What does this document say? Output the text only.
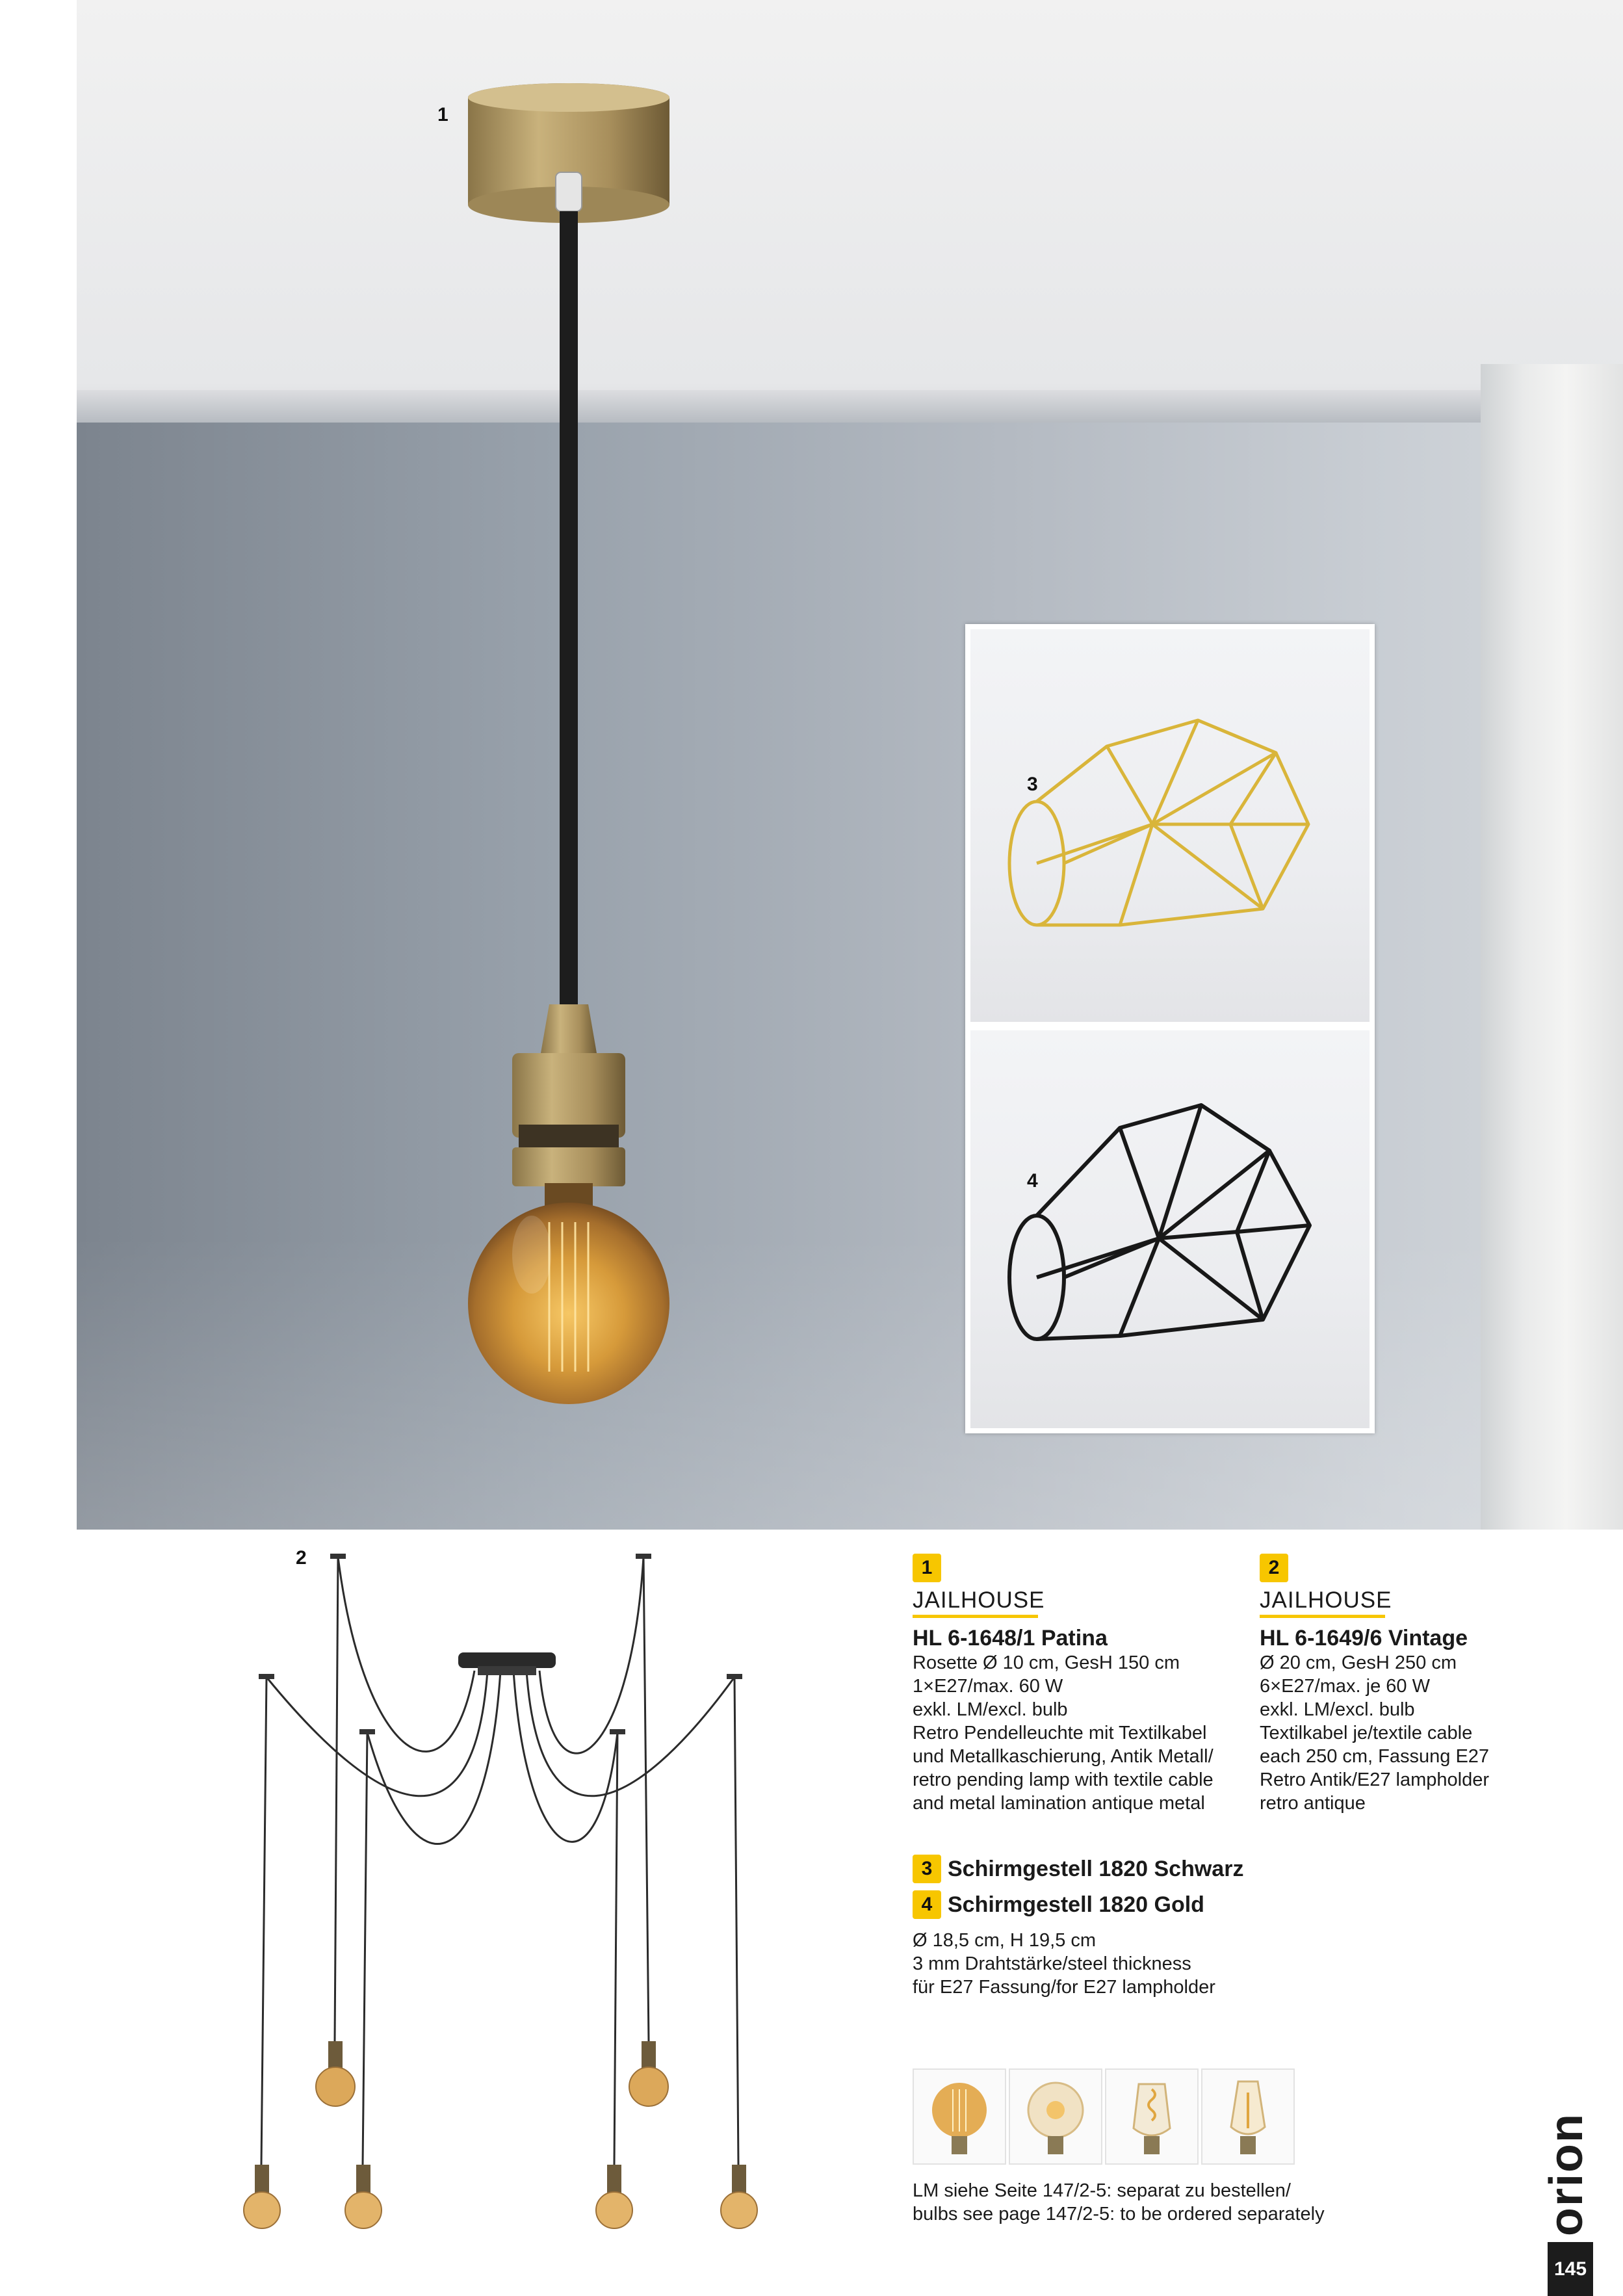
1
3
4
2	1
JAILHOUSE
HL 6-1648/1 Patina
Rosette Ø 10 cm, GesH 150 cm
1×E27/max. 60 W
exkl. LM/excl. bulb
Retro Pendelleuchte mit Textilkabel
und Metallkaschierung, Antik Metall/
retro pending lamp with textile cable
and metal lamination antique metal
2
JAILHOUSE
HL 6-1649/6 Vintage
Ø 20 cm, GesH 250 cm
6×E27/max. je 60 W
exkl. LM/excl. bulb
Textilkabel je/textile cable
each 250 cm, Fassung E27
Retro Antik/E27 lampholder
retro antique
3 Schirmgestell 1820 Schwarz
4 Schirmgestell 1820 Gold
Ø 18,5 cm, H 19,5 cm
3 mm Drahtstärke/steel thickness
für E27 Fassung/for E27 lampholder
LM siehe Seite 147/2-5: separat zu bestellen/
bulbs see page 147/2-5: to be ordered separately	orion
145
